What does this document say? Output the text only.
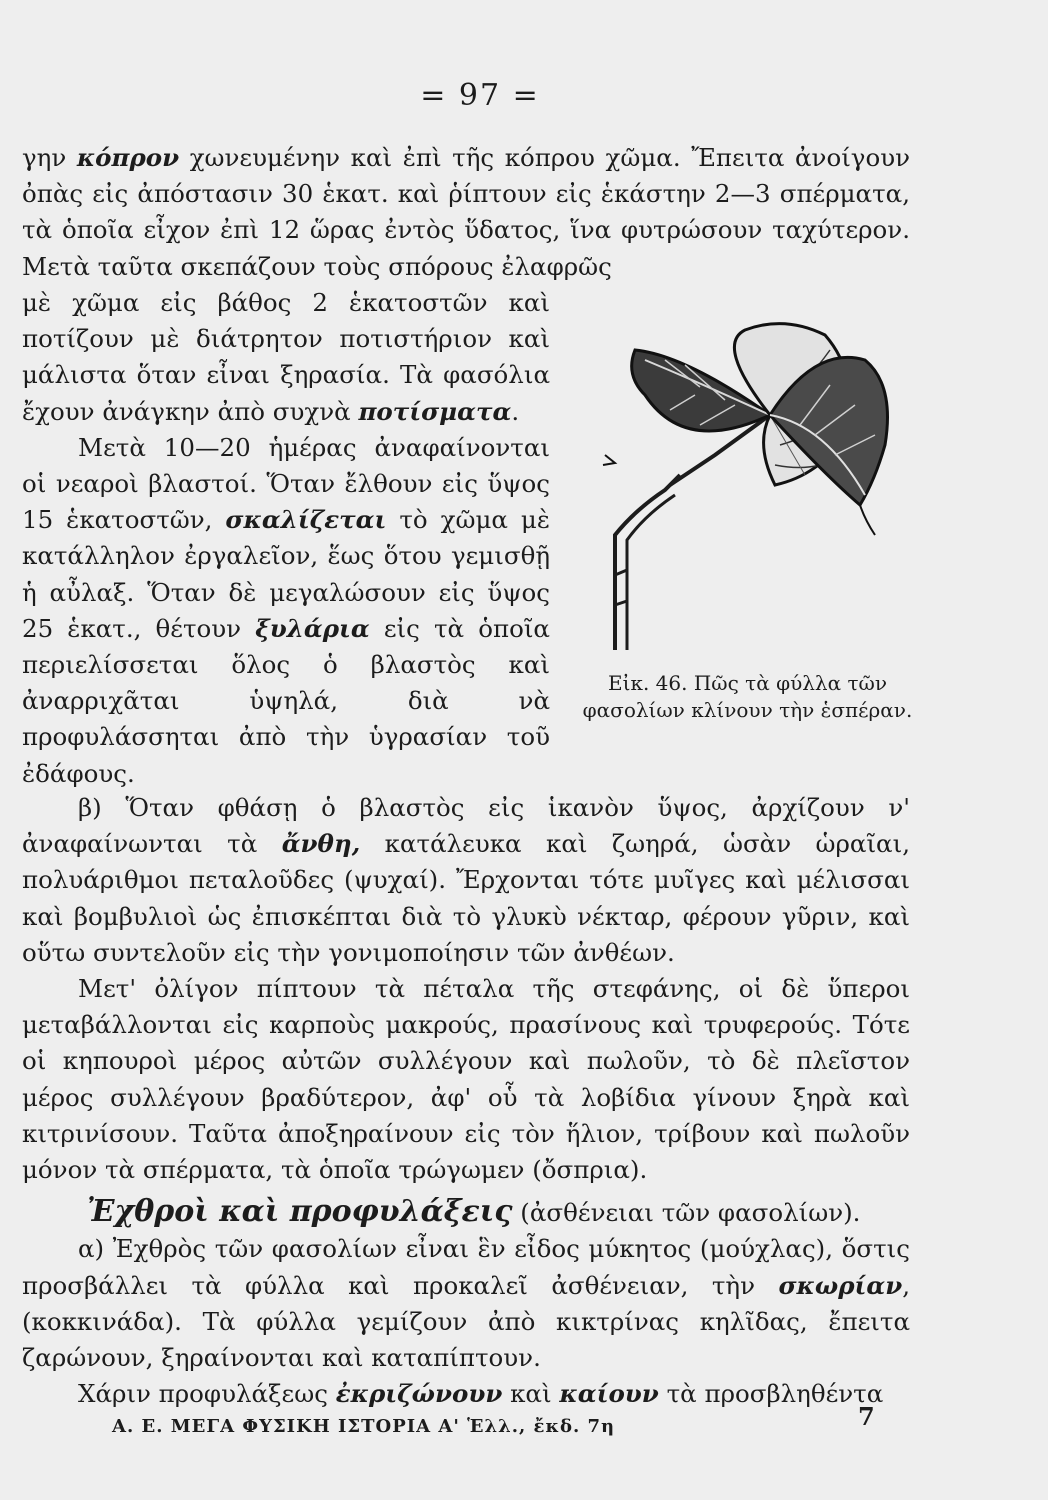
= 97 =

γην κόπρον χωνευμένην καὶ ἐπὶ τῆς κόπρου χῶμα. Ἔπειτα ἀνοίγουν ὀπὰς εἰς ἀπόστασιν 30 ἑκατ. καὶ ῥίπτουν εἰς ἑκάστην 2—3 σπέρματα, τὰ ὁποῖα εἶχον ἐπὶ 12 ὥρας ἐντὸς ὕδατος, ἵνα φυτρώσουν ταχύτερον. Μετὰ ταῦτα σκεπάζουν τοὺς σπόρους ἐλαφρῶς

μὲ χῶμα εἰς βάθος 2 ἑκατοστῶν καὶ ποτίζουν μὲ διάτρητον ποτιστήριον καὶ μάλιστα ὅταν εἶναι ξηρασία. Τὰ φασόλια ἔχουν ἀνάγκην ἀπὸ συχνὰ ποτίσματα.

Μετὰ 10—20 ἡμέρας ἀναφαίνονται οἱ νεαροὶ βλαστοί. Ὅταν ἔλθουν εἰς ὕψος 15 ἑκατοστῶν, σκαλίζεται τὸ χῶμα μὲ κατάλληλον ἐργαλεῖον, ἕως ὅτου γεμισθῇ ἡ αὖλαξ. Ὅταν δὲ μεγαλώσουν εἰς ὕψος 25 ἑκατ., θέτουν ξυλάρια εἰς τὰ ὁποῖα περιελίσσεται ὅλος ὁ βλαστὸς καὶ ἀναρριχᾶται ὑψηλά, διὰ νὰ προφυλάσσηται ἀπὸ τὴν ὑγρασίαν τοῦ ἐδάφους.

Εἰκ. 46. Πῶς τὰ φύλλα τῶν φασολίων κλίνουν τὴν ἑσπέραν.

β) Ὅταν φθάσῃ ὁ βλαστὸς εἰς ἱκανὸν ὕψος, ἀρχίζουν ν' ἀναφαίνωνται τὰ ἄνθη, κατάλευκα καὶ ζωηρά, ὡσὰν ὡραῖαι, πολυάριθμοι πεταλοῦδες (ψυχαί). Ἔρχονται τότε μυῖγες καὶ μέλισσαι καὶ βομβυλιοὶ ὡς ἐπισκέπται διὰ τὸ γλυκὺ νέκταρ, φέρουν γῦριν, καὶ οὕτω συντελοῦν εἰς τὴν γονιμοποίησιν τῶν ἀνθέων.

Μετ' ὀλίγον πίπτουν τὰ πέταλα τῆς στεφάνης, οἱ δὲ ὕπεροι μεταβάλλονται εἰς καρποὺς μακρούς, πρασίνους καὶ τρυφερούς. Τότε οἱ κηπουροὶ μέρος αὐτῶν συλλέγουν καὶ πωλοῦν, τὸ δὲ πλεῖστον μέρος συλλέγουν βραδύτερον, ἀφ' οὗ τὰ λοβίδια γίνουν ξηρὰ καὶ κιτρινίσουν. Ταῦτα ἀποξηραίνουν εἰς τὸν ἥλιον, τρίβουν καὶ πωλοῦν μόνον τὰ σπέρματα, τὰ ὁποῖα τρώγωμεν (ὄσπρια).

Ἐχθροὶ καὶ προφυλάξεις (ἀσθένειαι τῶν φασολίων).

α) Ἐχθρὸς τῶν φασολίων εἶναι ἓν εἶδος μύκητος (μούχλας), ὅστις προσβάλλει τὰ φύλλα καὶ προκαλεῖ ἀσθένειαν, τὴν σκωρίαν, (κοκκινάδα). Τὰ φύλλα γεμίζουν ἀπὸ κικτρίνας κηλῖδας, ἔπειτα ζαρώνουν, ξηραίνονται καὶ καταπίπτουν.

Χάριν προφυλάξεως ἐκριζώνουν καὶ καίουν τὰ προσβληθέντα

Α. Ε. ΜΕΓΑ ΦΥΣΙΚΗ ΙΣΤΟΡΙΑ Α' Ἑλλ., ἔκδ. 7η	7
